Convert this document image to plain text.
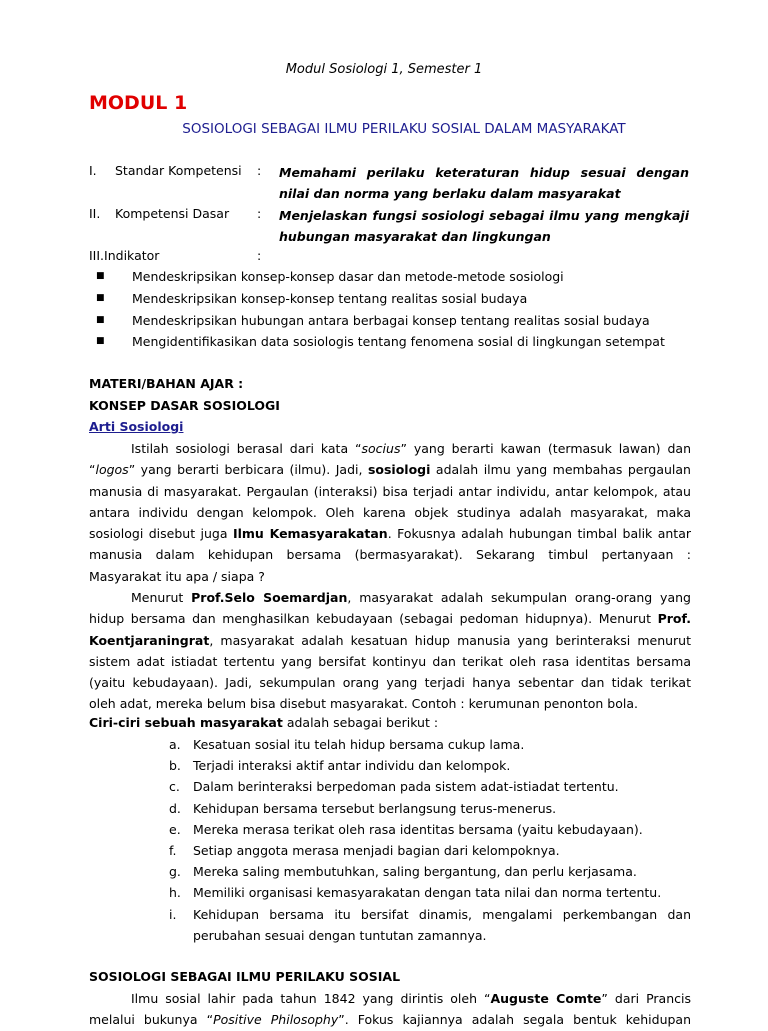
Modul Sosiologi 1, Semester 1
MODUL 1
SOSIOLOGI SEBAGAI ILMU PERILAKU SOSIAL DALAM MASYARAKAT
I. Standar Kompetensi : Memahami perilaku keteraturan hidup sesuai dengan nilai dan norma yang berlaku dalam masyarakat
II. Kompetensi Dasar : Menjelaskan fungsi sosiologi sebagai ilmu yang mengkaji hubungan masyarakat dan lingkungan
III.Indikator	:
■ Mendeskripsikan konsep-konsep dasar dan metode-metode sosiologi
■ Mendeskripsikan konsep-konsep tentang realitas sosial budaya
■ Mendeskripsikan hubungan antara berbagai konsep tentang realitas sosial budaya
■ Mengidentifikasikan data sosiologis tentang fenomena sosial di lingkungan setempat
MATERI/BAHAN AJAR :
KONSEP DASAR SOSIOLOGI
Arti Sosiologi
Istilah sosiologi berasal dari kata “socius” yang berarti kawan (termasuk lawan) dan
“logos” yang berarti berbicara (ilmu). Jadi, sosiologi adalah ilmu yang membahas pergaulan
manusia di masyarakat. Pergaulan (interaksi) bisa terjadi antar individu, antar kelompok, atau
antara individu dengan kelompok. Oleh karena objek studinya adalah masyarakat, maka
sosiologi disebut juga Ilmu Kemasyarakatan. Fokusnya adalah hubungan timbal balik antar
manusia dalam kehidupan bersama (bermasyarakat). Sekarang timbul pertanyaan :
Masyarakat itu apa / siapa ?
Menurut Prof.Selo Soemardjan, masyarakat adalah sekumpulan orang-orang yang
hidup bersama dan menghasilkan kebudayaan (sebagai pedoman hidupnya). Menurut Prof.
Koentjaraningrat, masyarakat adalah kesatuan hidup manusia yang berinteraksi menurut
sistem adat istiadat tertentu yang bersifat kontinyu dan terikat oleh rasa identitas bersama
(yaitu kebudayaan). Jadi, sekumpulan orang yang terjadi hanya sebentar dan tidak terikat
oleh adat, mereka belum bisa disebut masyarakat. Contoh : kerumunan penonton bola.
Ciri-ciri sebuah masyarakat adalah sebagai berikut :
a. Kesatuan sosial itu telah hidup bersama cukup lama.
b. Terjadi interaksi aktif antar individu dan kelompok.
c. Dalam berinteraksi berpedoman pada sistem adat-istiadat tertentu.
d. Kehidupan bersama tersebut berlangsung terus-menerus.
e. Mereka merasa terikat oleh rasa identitas bersama (yaitu kebudayaan).
f. Setiap anggota merasa menjadi bagian dari kelompoknya.
g. Mereka saling membutuhkan, saling bergantung, dan perlu kerjasama.
h. Memiliki organisasi kemasyarakatan dengan tata nilai dan norma tertentu.
i. Kehidupan bersama itu bersifat dinamis, mengalami perkembangan dan
perubahan sesuai dengan tuntutan zamannya.
SOSIOLOGI SEBAGAI ILMU PERILAKU SOSIAL
Ilmu sosial lahir pada tahun 1842 yang dirintis oleh “Auguste Comte” dari Prancis
melalui bukunya “Positive Philosophy”. Fokus kajiannya adalah segala bentuk kehidupan
